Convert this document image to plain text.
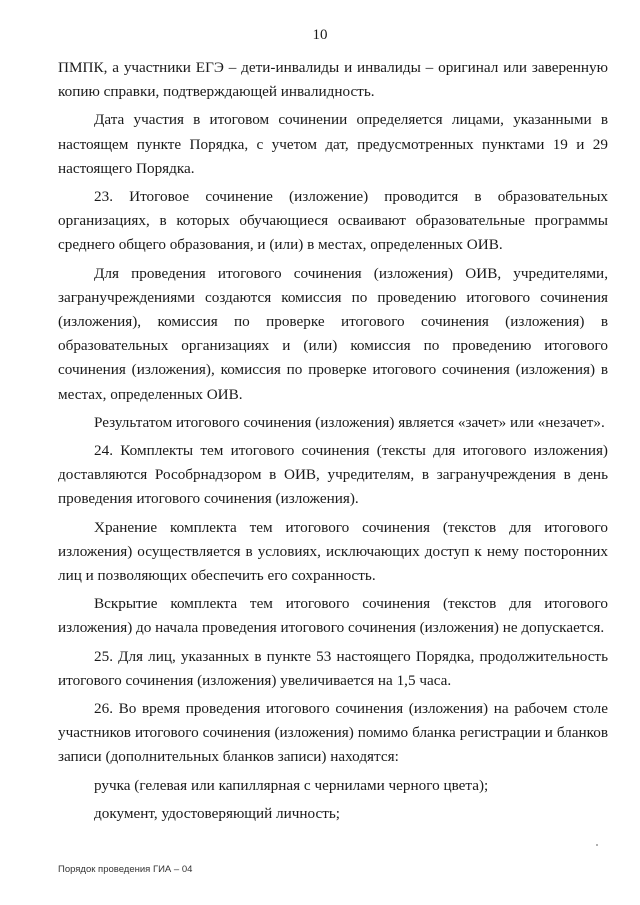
10

ПМПК, а участники ЕГЭ – дети-инвалиды и инвалиды – оригинал или заверенную копию справки, подтверждающей инвалидность.

Дата участия в итоговом сочинении определяется лицами, указанными в настоящем пункте Порядка, с учетом дат, предусмотренных пунктами 19 и 29 настоящего Порядка.

23. Итоговое сочинение (изложение) проводится в образовательных организациях, в которых обучающиеся осваивают образовательные программы среднего общего образования, и (или) в местах, определенных ОИВ.

Для проведения итогового сочинения (изложения) ОИВ, учредителями, загранучреждениями создаются комиссия по проведению итогового сочинения (изложения), комиссия по проверке итогового сочинения (изложения) в образовательных организациях и (или) комиссия по проведению итогового сочинения (изложения), комиссия по проверке итогового сочинения (изложения) в местах, определенных ОИВ.

Результатом итогового сочинения (изложения) является «зачет» или «незачет».

24. Комплекты тем итогового сочинения (тексты для итогового изложения) доставляются Рособрнадзором в ОИВ, учредителям, в загранучреждения в день проведения итогового сочинения (изложения).

Хранение комплекта тем итогового сочинения (текстов для итогового изложения) осуществляется в условиях, исключающих доступ к нему посторонних лиц и позволяющих обеспечить его сохранность.

Вскрытие комплекта тем итогового сочинения (текстов для итогового изложения) до начала проведения итогового сочинения (изложения) не допускается.

25. Для лиц, указанных в пункте 53 настоящего Порядка, продолжительность итогового сочинения (изложения) увеличивается на 1,5 часа.

26. Во время проведения итогового сочинения (изложения) на рабочем столе участников итогового сочинения (изложения) помимо бланка регистрации и бланков записи (дополнительных бланков записи) находятся:

ручка (гелевая или капиллярная с чернилами черного цвета);

документ, удостоверяющий личность;

Порядок проведения ГИА – 04
